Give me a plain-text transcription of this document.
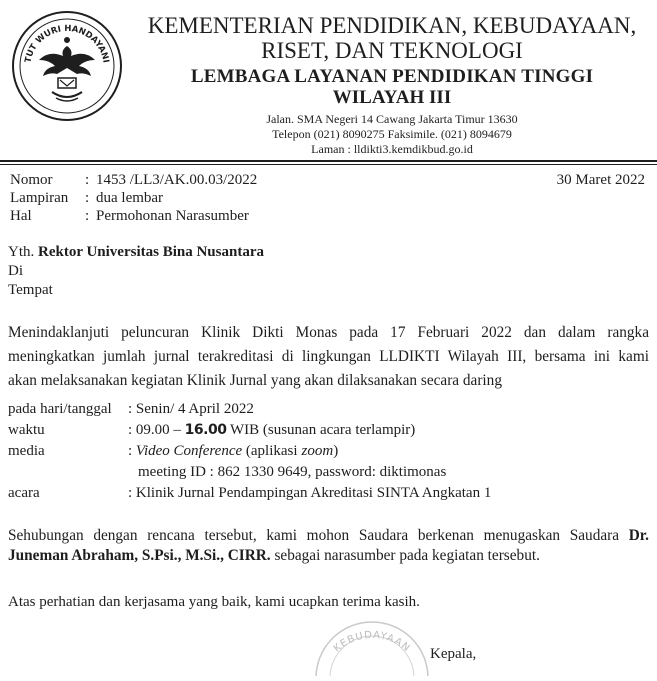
TUT WURI HANDAYANI
KEMENTERIAN PENDIDIKAN, KEBUDAYAAN,
RISET, DAN TEKNOLOGI
LEMBAGA LAYANAN PENDIDIKAN TINGGI
WILAYAH III
Jalan. SMA Negeri 14 Cawang Jakarta Timur 13630
Telepon (021) 8090275 Faksimile. (021) 8094679
Laman : lldikti3.kemdikbud.go.id
Nomor : 1453 /LL3/AK.00.03/2022	30 Maret 2022
Lampiran : dua lembar
Hal	: Permohonan Narasumber
Yth. Rektor Universitas Bina Nusantara
Di
Tempat
Menindaklanjuti peluncuran Klinik Dikti Monas pada 17 Februari 2022 dan dalam rangka
meningkatkan jumlah jurnal terakreditasi di lingkungan LLDIKTI Wilayah III, bersama ini kami
akan melaksanakan kegiatan Klinik Jurnal yang akan dilaksanakan secara daring
pada hari/tanggal : Senin/ 4 April 2022
waktu	: 09.00 – 16.00 WIB (susunan acara terlampir)
media	: Video Conference (aplikasi zoom)
meeting ID : 862 1330 9649, password: diktimonas
acara	: Klinik Jurnal Pendampingan Akreditasi SINTA Angkatan 1
Sehubungan dengan rencana tersebut, kami mohon Saudara berkenan menugaskan Saudara Dr.
Juneman Abraham, S.Psi., M.Si., CIRR. sebagai narasumber pada kegiatan tersebut.
Atas perhatian dan kerjasama yang baik, kami ucapkan terima kasih.
KEBUDAYAAN Kepala,
